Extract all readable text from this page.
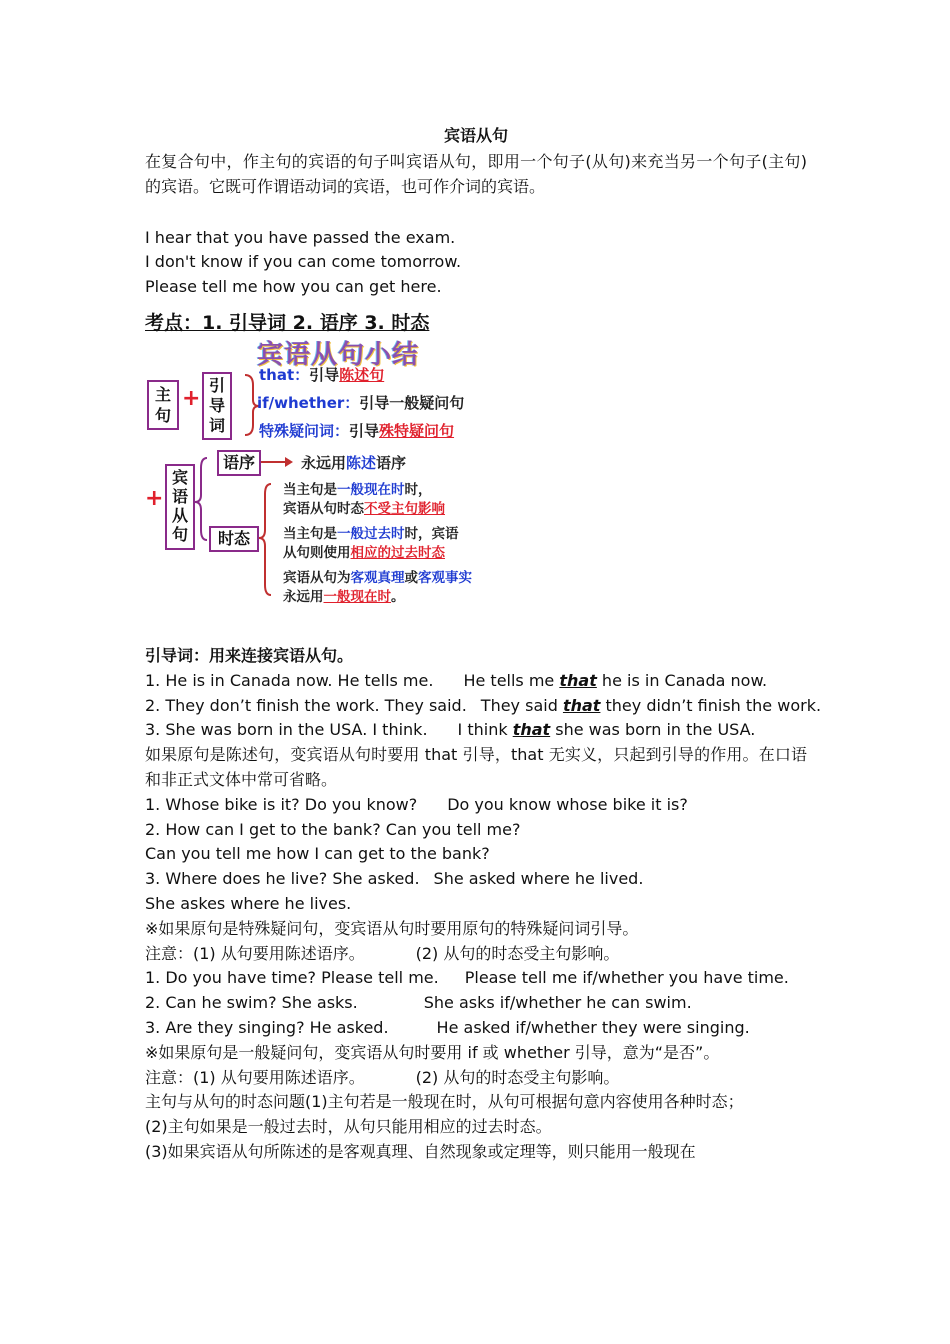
宾语从句
在复合句中，作主句的宾语的句子叫宾语从句，即用一个句子(从句)来充当另一个句子(主句)的宾语。它既可作谓语动词的宾语，也可作介词的宾语。
I hear that you have passed the exam.
I don't know if you can come tomorrow.
Please tell me how you can get here.
考点：1. 引导词 2. 语序 3. 时态
宾语从句小结
主句
+
引导词
that：引导陈述句
if/whether：引导一般疑问句
特殊疑问词：引导殊特疑问句
+
宾语从句
语序	永远用陈述语序
时态
当主句是一般现在时时，
宾语从句时态不受主句影响
当主句是一般过去时时，宾语
从句则使用相应的过去时态
宾语从句为客观真理或客观事实
永远用一般现在时。
引导词：用来连接宾语从句。
1. He is in Canada now. He tells me. He tells me that he is in Canada now.
2. They don’t finish the work. They said. They said that they didn’t finish the work.
3. She was born in the USA. I think. I think that she was born in the USA.
如果原句是陈述句，变宾语从句时要用 that 引导，that 无实义，只起到引导的作用。在口语和非正式文体中常可省略。
1. Whose bike is it? Do you know? Do you know whose bike it is?
2. How can I get to the bank? Can you tell me?
Can you tell me how I can get to the bank?
3. Where does he live? She asked. She asked where he lived.
She askes where he lives.
※如果原句是特殊疑问句，变宾语从句时要用原句的特殊疑问词引导。
注意：(1) 从句要用陈述语序。          (2) 从句的时态受主句影响。
1. Do you have time? Please tell me. Please tell me if/whether you have time.
2. Can he swim? She asks.	She asks if/whether he can swim.
3. Are they singing? He asked.	He asked if/whether they were singing.
※如果原句是一般疑问句，变宾语从句时要用 if 或 whether 引导，意为“是否”。
注意：(1) 从句要用陈述语序。          (2) 从句的时态受主句影响。
主句与从句的时态问题(1)主句若是一般现在时，从句可根据句意内容使用各种时态；
(2)主句如果是一般过去时，从句只能用相应的过去时态。
(3)如果宾语从句所陈述的是客观真理、自然现象或定理等，则只能用一般现在
